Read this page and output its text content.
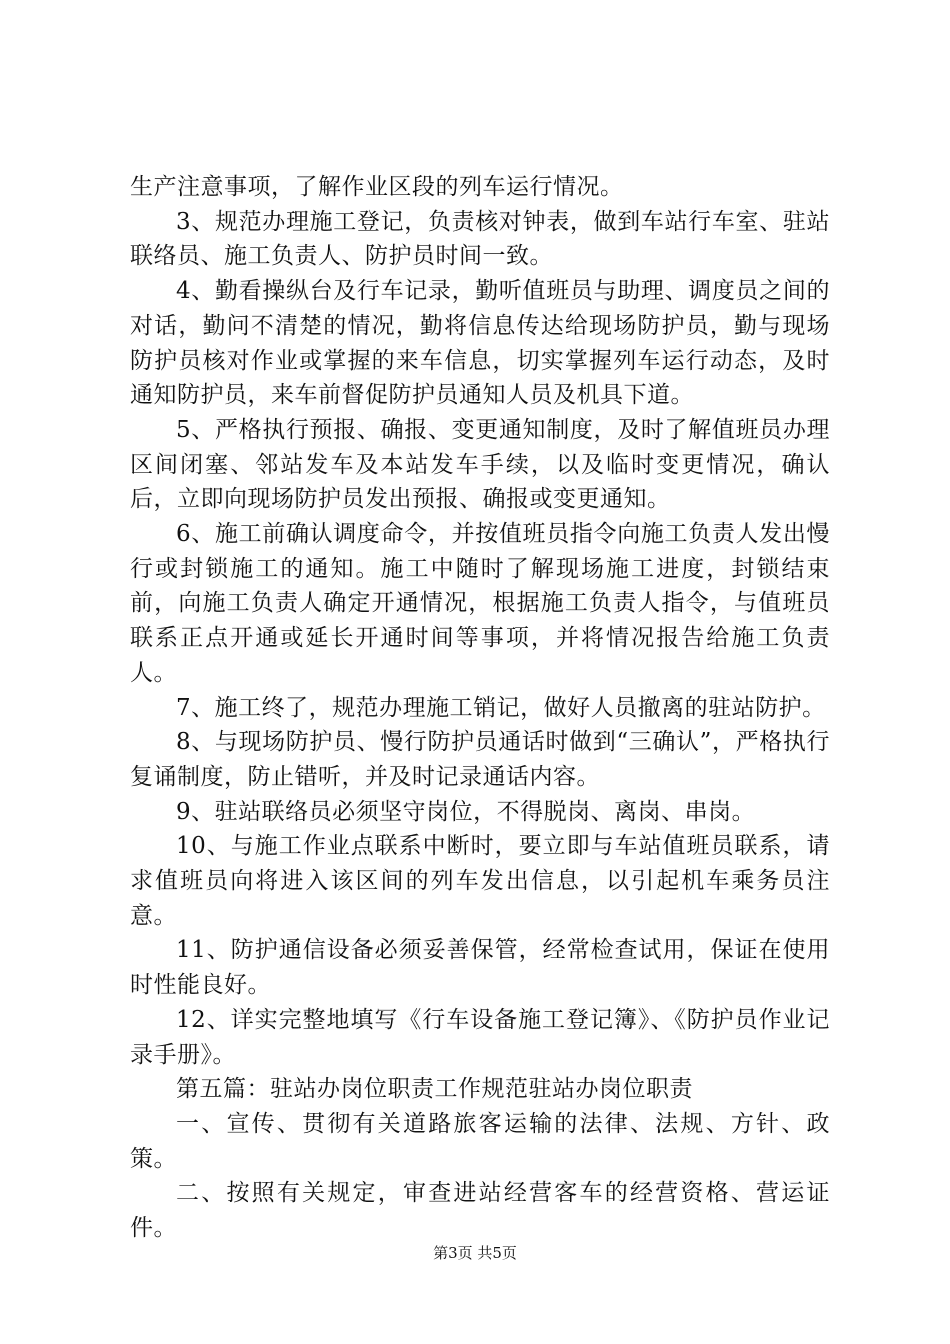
生产注意事项，了解作业区段的列车运行情况。

3、规范办理施工登记，负责核对钟表，做到车站行车室、驻站联络员、施工负责人、防护员时间一致。

4、勤看操纵台及行车记录，勤听值班员与助理、调度员之间的对话，勤问不清楚的情况，勤将信息传达给现场防护员，勤与现场防护员核对作业或掌握的来车信息，切实掌握列车运行动态，及时通知防护员，来车前督促防护员通知人员及机具下道。

5、严格执行预报、确报、变更通知制度，及时了解值班员办理区间闭塞、邻站发车及本站发车手续，以及临时变更情况，确认后，立即向现场防护员发出预报、确报或变更通知。

6、施工前确认调度命令，并按值班员指令向施工负责人发出慢行或封锁施工的通知。施工中随时了解现场施工进度，封锁结束前，向施工负责人确定开通情况，根据施工负责人指令，与值班员联系正点开通或延长开通时间等事项，并将情况报告给施工负责人。

7、施工终了，规范办理施工销记，做好人员撤离的驻站防护。

8、与现场防护员、慢行防护员通话时做到“三确认”，严格执行复诵制度，防止错听，并及时记录通话内容。

9、驻站联络员必须坚守岗位，不得脱岗、离岗、串岗。

10、与施工作业点联系中断时，要立即与车站值班员联系，请求值班员向将进入该区间的列车发出信息，以引起机车乘务员注意。

11、防护通信设备必须妥善保管，经常检查试用，保证在使用时性能良好。

12、详实完整地填写《行车设备施工登记簿》、《防护员作业记录手册》。

第五篇：驻站办岗位职责工作规范驻站办岗位职责

一、宣传、贯彻有关道路旅客运输的法律、法规、方针、政策。

二、按照有关规定，审查进站经营客车的经营资格、营运证件。

第3页 共5页
